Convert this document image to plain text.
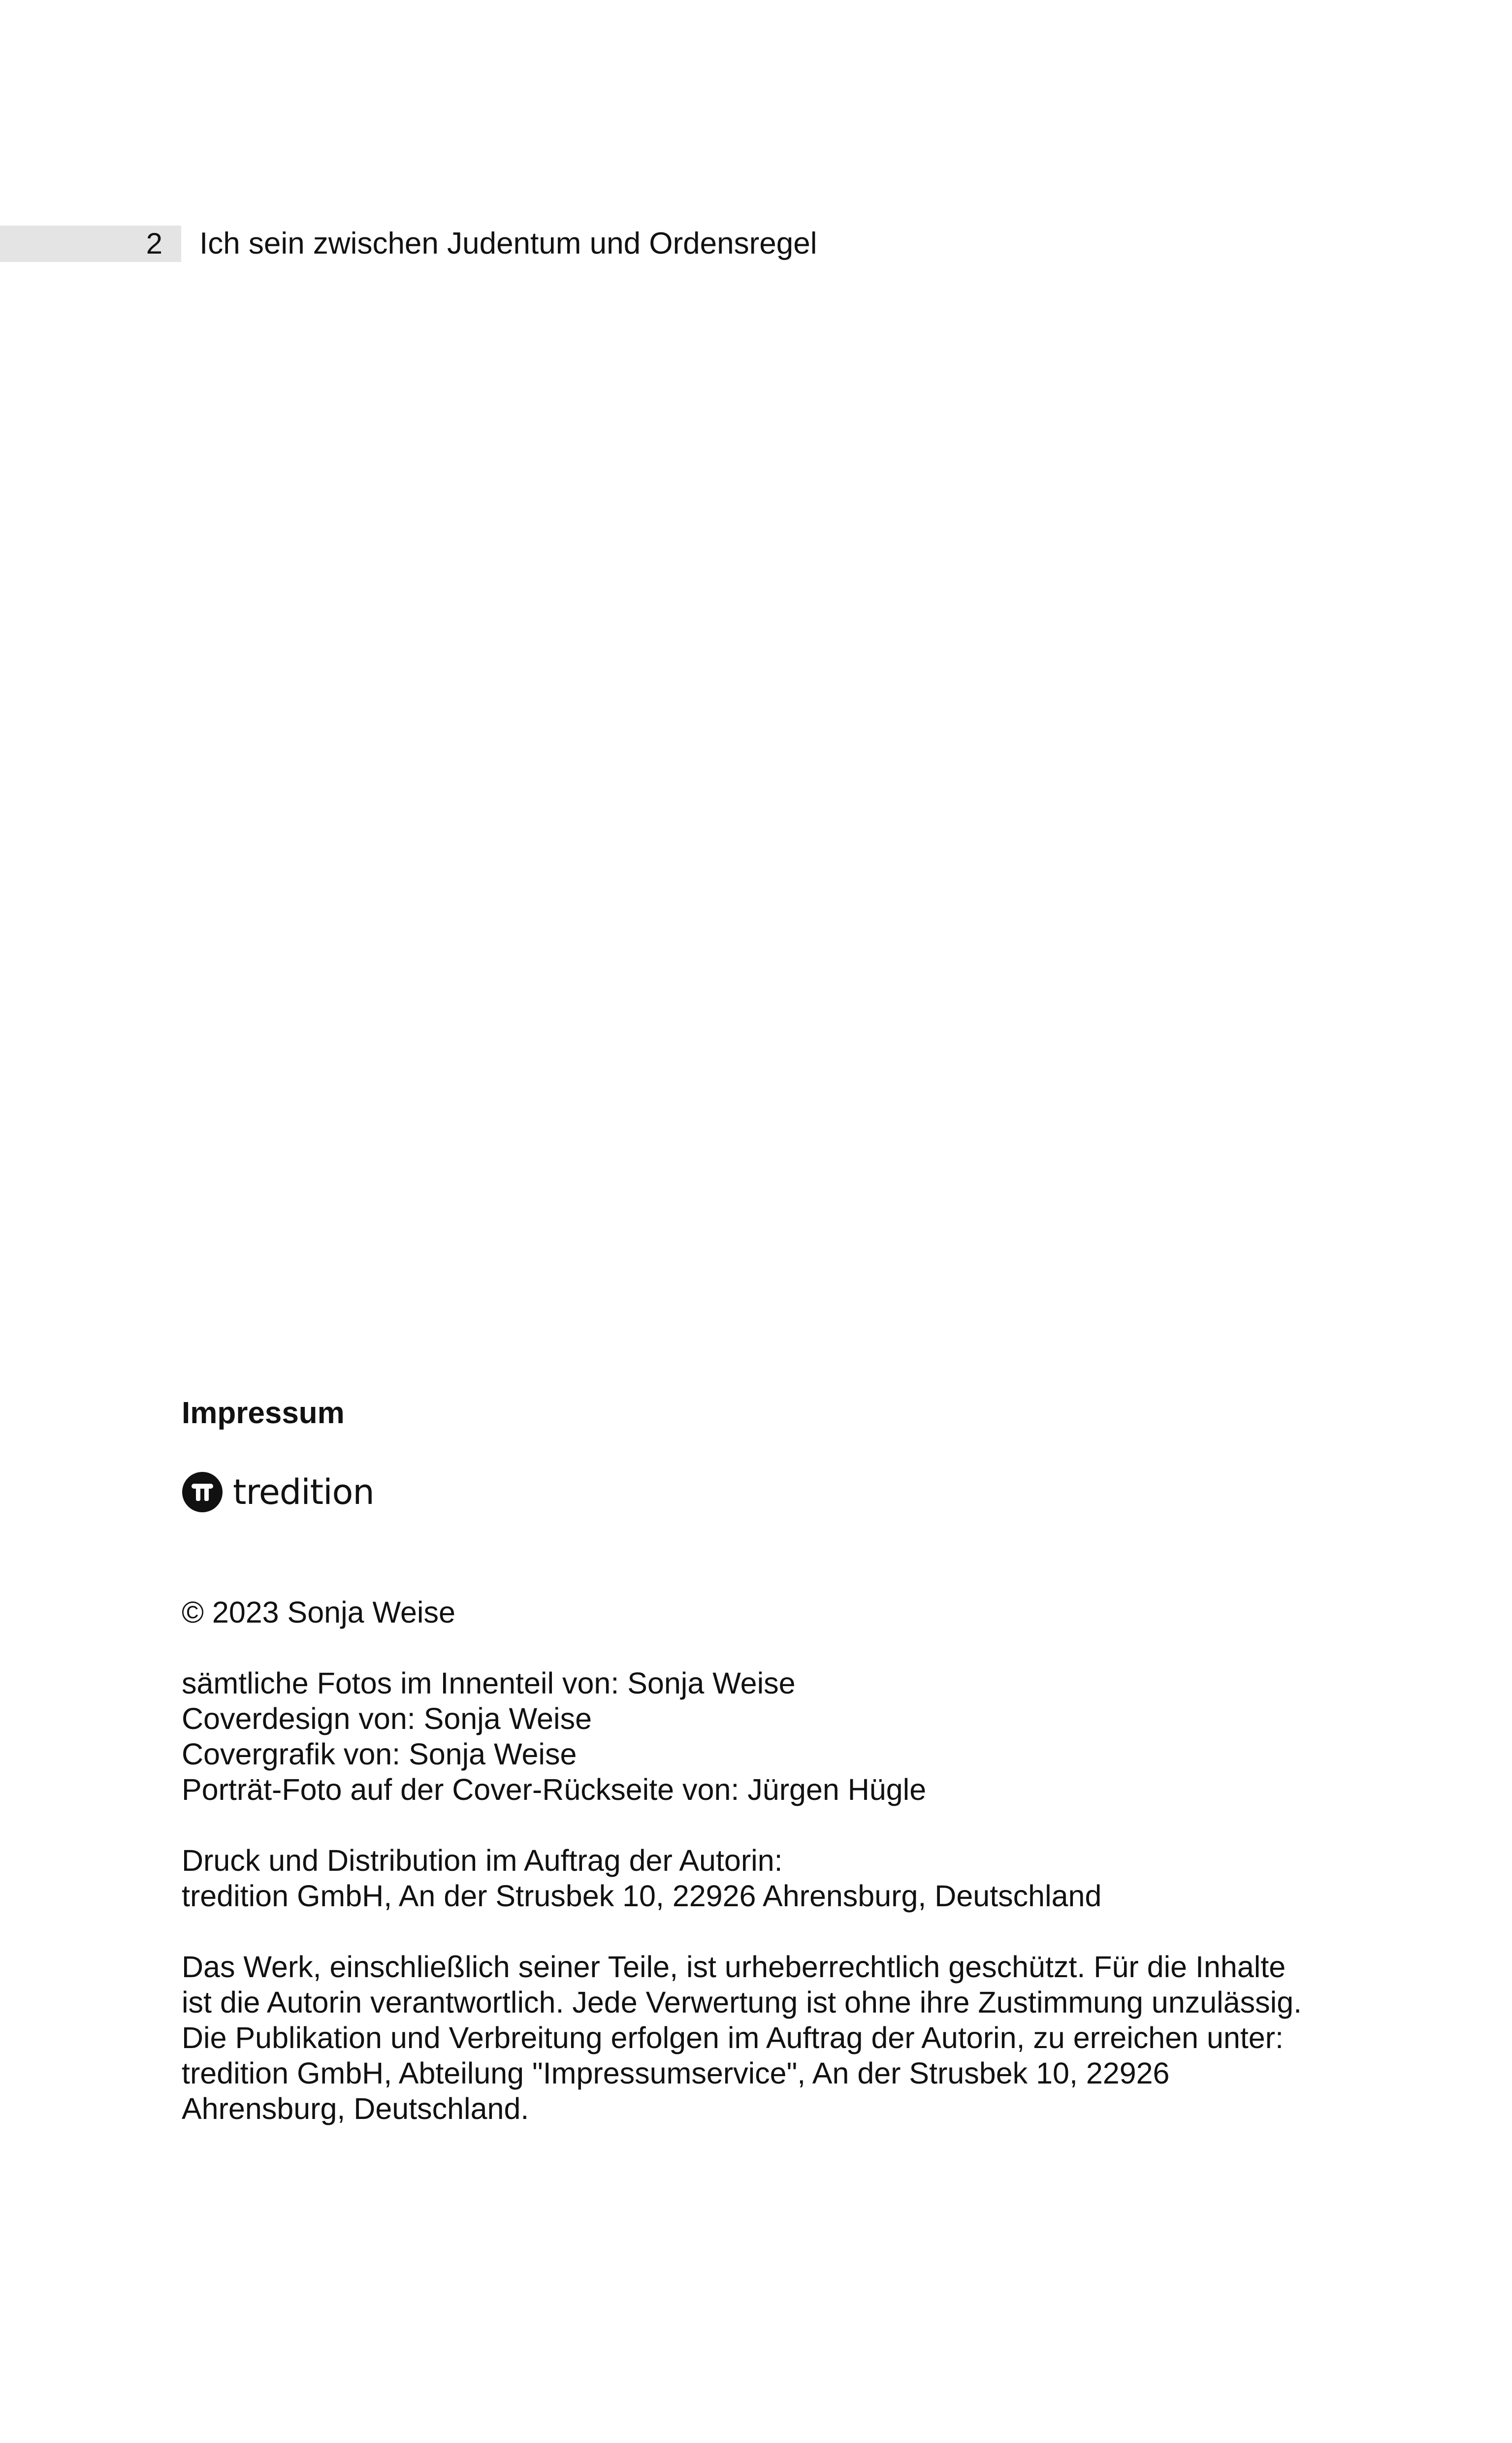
2 Ich sein zwischen Judentum und Ordensregel
Impressum
tredition

© 2023 Sonja Weise

sämtliche Fotos im Innenteil von: Sonja Weise
Coverdesign von: Sonja Weise
Covergrafik von: Sonja Weise
Porträt-Foto auf der Cover-Rückseite von: Jürgen Hügle

Druck und Distribution im Auftrag der Autorin:
tredition GmbH, An der Strusbek 10, 22926 Ahrensburg, Deutschland

Das Werk, einschließlich seiner Teile, ist urheberrechtlich geschützt. Für die Inhalte
ist die Autorin verantwortlich. Jede Verwertung ist ohne ihre Zustimmung unzulässig.
Die Publikation und Verbreitung erfolgen im Auftrag der Autorin, zu erreichen unter:
tredition GmbH, Abteilung "Impressumservice", An der Strusbek 10, 22926
Ahrensburg, Deutschland.
